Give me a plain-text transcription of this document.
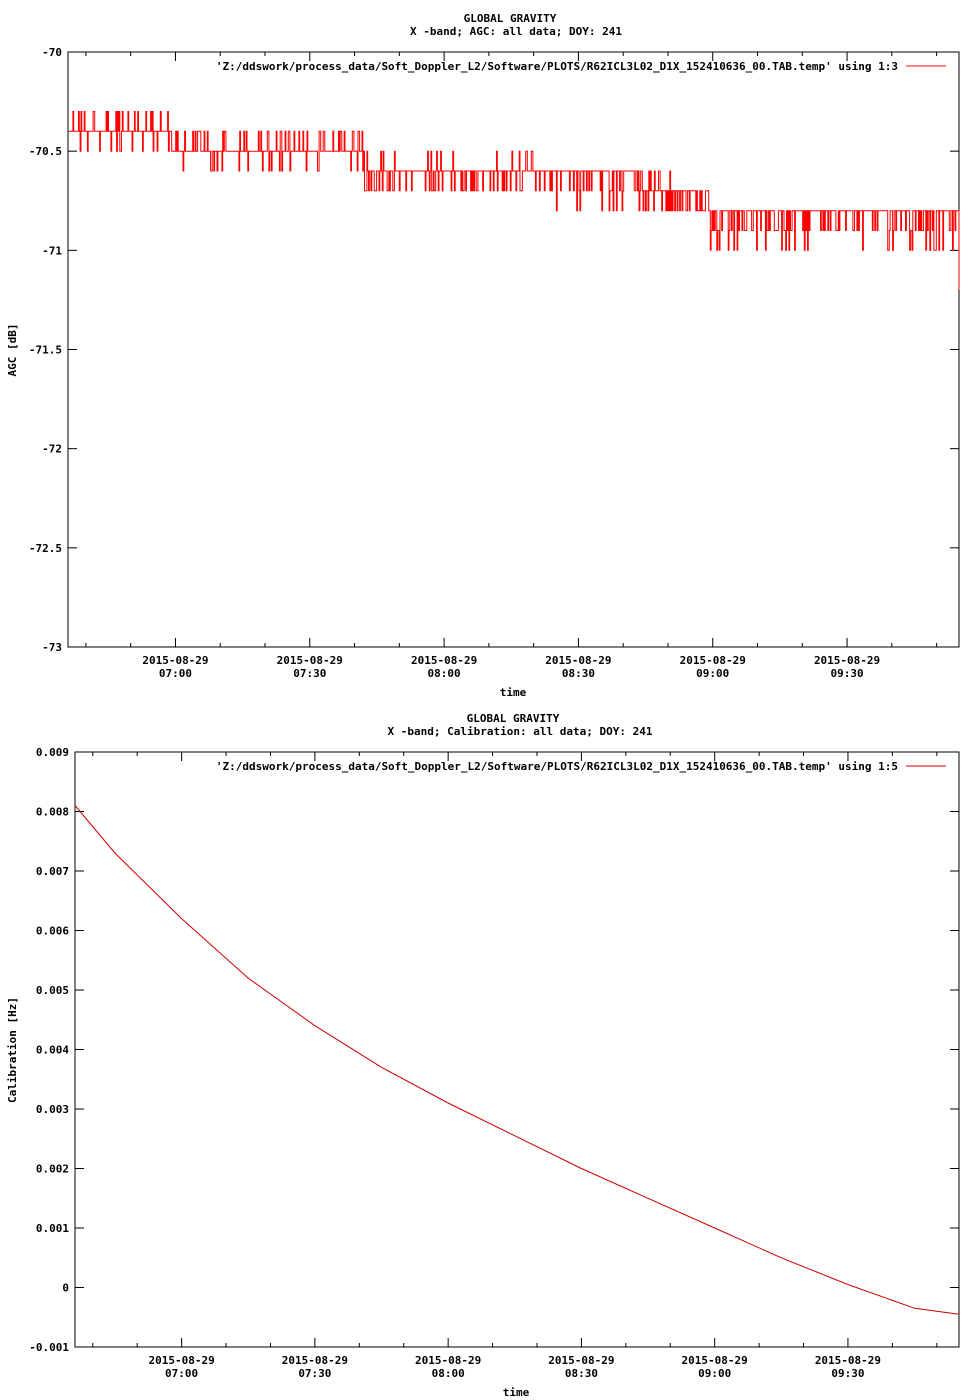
GLOBAL GRAVITY
X -band; AGC: all data; DOY: 241
-70
-70.5
-71
-71.5
-72
-72.5
-73
2015-08-29
07:00
2015-08-29
07:30
2015-08-29
08:00
2015-08-29
08:30
2015-08-29
09:00
2015-08-29
09:30
'Z:/ddswork/process_data/Soft_Doppler_L2/Software/PLOTS/R62ICL3L02_D1X_152410636_00.TAB.temp' using 1:3
time
AGC [dB]
GLOBAL GRAVITY
X -band; Calibration: all data; DOY: 241
0.009
0.008
0.007
0.006
0.005
0.004
0.003
0.002
0.001
0
-0.001
2015-08-29
07:00
2015-08-29
07:30
2015-08-29
08:00
2015-08-29
08:30
2015-08-29
09:00
2015-08-29
09:30
'Z:/ddswork/process_data/Soft_Doppler_L2/Software/PLOTS/R62ICL3L02_D1X_152410636_00.TAB.temp' using 1:5
time
Calibration [Hz]
